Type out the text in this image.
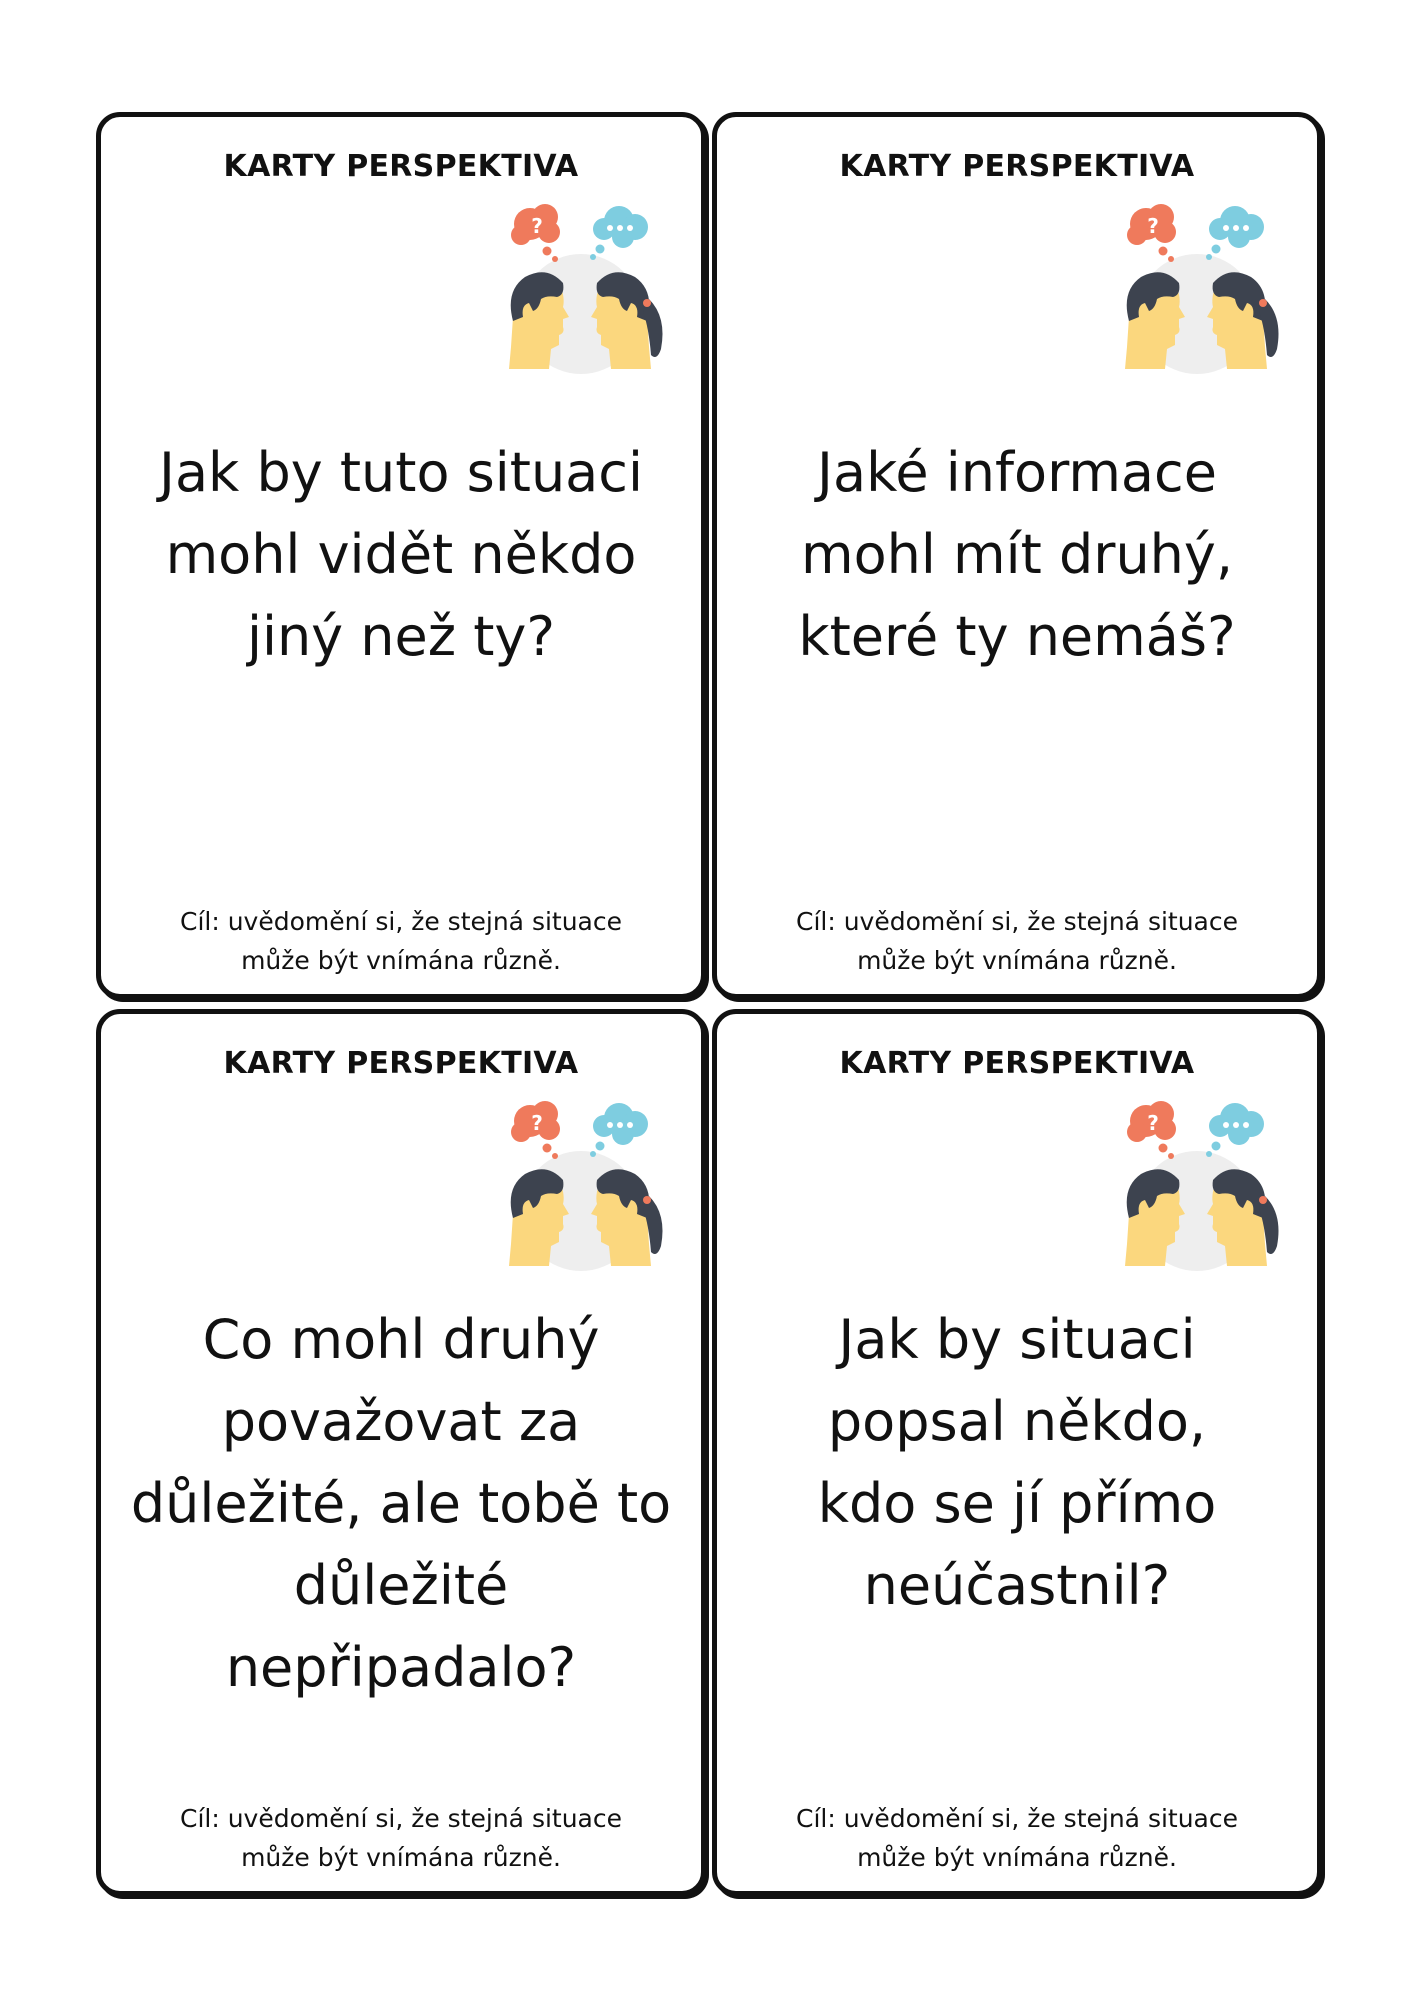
KARTY PERSPEKTIVA
?
Jak by tuto situaci
mohl vidět někdo
jiný než ty?
Cíl: uvědomění si, že stejná situace
může být vnímána různě.
KARTY PERSPEKTIVA
?
Jaké informace
mohl mít druhý,
které ty nemáš?
Cíl: uvědomění si, že stejná situace
může být vnímána různě.
KARTY PERSPEKTIVA
?
Co mohl druhý
považovat za
důležité, ale tobě to
důležité
nepřipadalo?
Cíl: uvědomění si, že stejná situace
může být vnímána různě.
KARTY PERSPEKTIVA
?
Jak by situaci
popsal někdo,
kdo se jí přímo
neúčastnil?
Cíl: uvědomění si, že stejná situace
může být vnímána různě.
